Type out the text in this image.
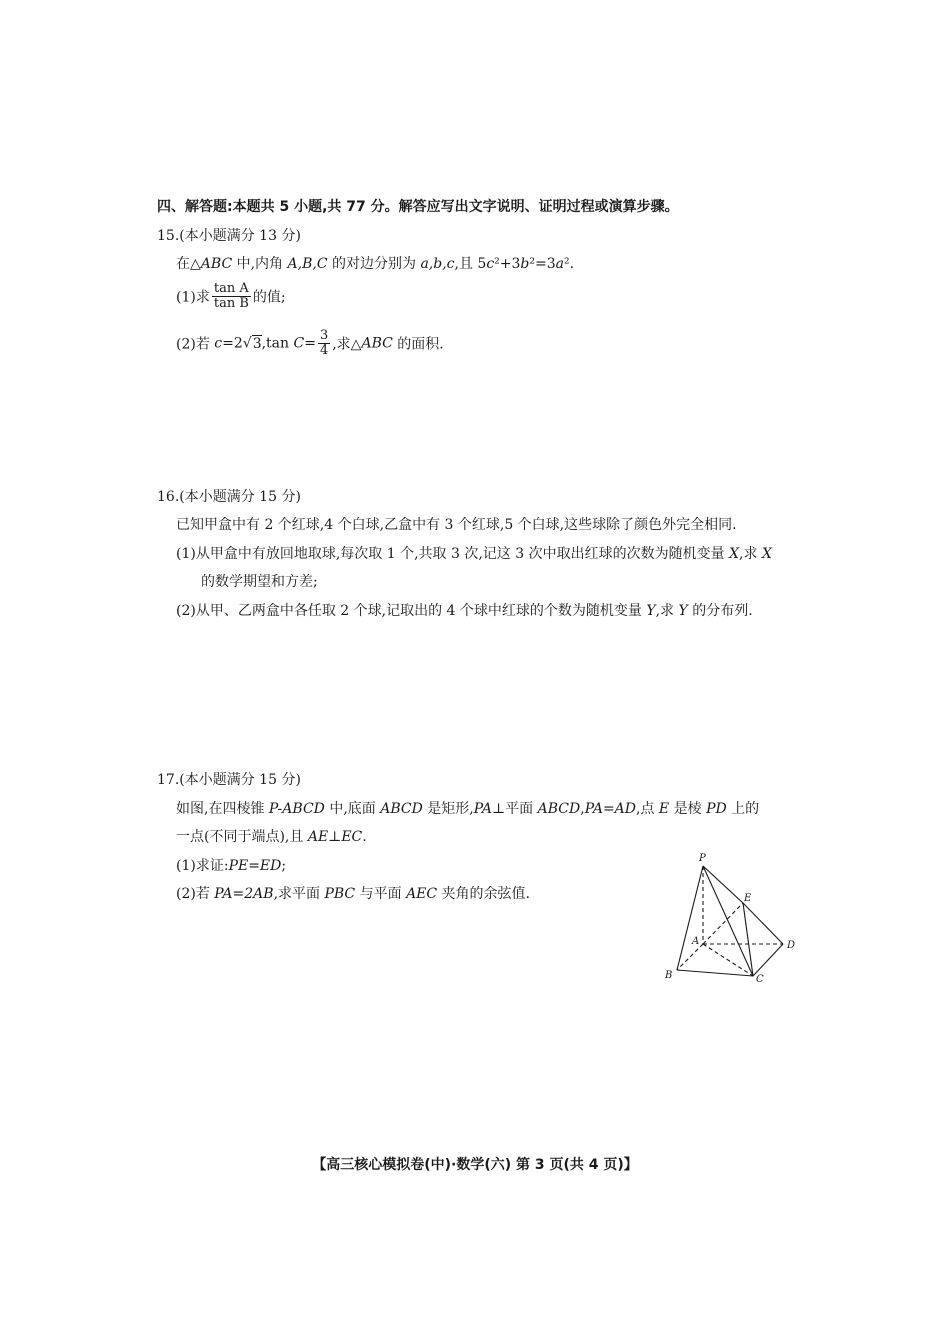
四、解答题:本题共 5 小题,共 77 分。解答应写出文字说明、证明过程或演算步骤。
15.(本小题满分 13 分)
在△ABC 中,内角 A,B,C 的对边分别为 a,b,c,且 5c²+3b²=3a².
(1)求 $\frac{\text{tan A}}{\text{tan B}}$ 的值;
(2)若 c=2√3,tan $C= \frac{3}{4}$ ,求△ABC 的面积.
16.(本小题满分 15 分)
已知甲盒中有 2 个红球,4 个白球,乙盒中有 3 个红球,5 个白球,这些球除了颜色外完全相同.
(1)从甲盒中有放回地取球,每次取 1 个,共取 3 次,记这 3 次中取出红球的次数为随机变量 X,求 X
的数学期望和方差;
(2)从甲、乙两盒中各任取 2 个球,记取出的 4 个球中红球的个数为随机变量 Y,求 Y 的分布列.
17.(本小题满分 15 分)
如图,在四棱锥 P-ABCD 中,底面 ABCD 是矩形,PA⊥平面 ABCD,PA=AD,点 E 是棱 PD 上的
一点(不同于端点),且 AE⊥EC.
(1)求证:PE=ED;
(2)若 PA=2AB,求平面 PBC 与平面 AEC 夹角的余弦值.
P
E
A	D
B	C
【高三核心模拟卷(中)·数学(六) 第 3 页(共 4 页)】
